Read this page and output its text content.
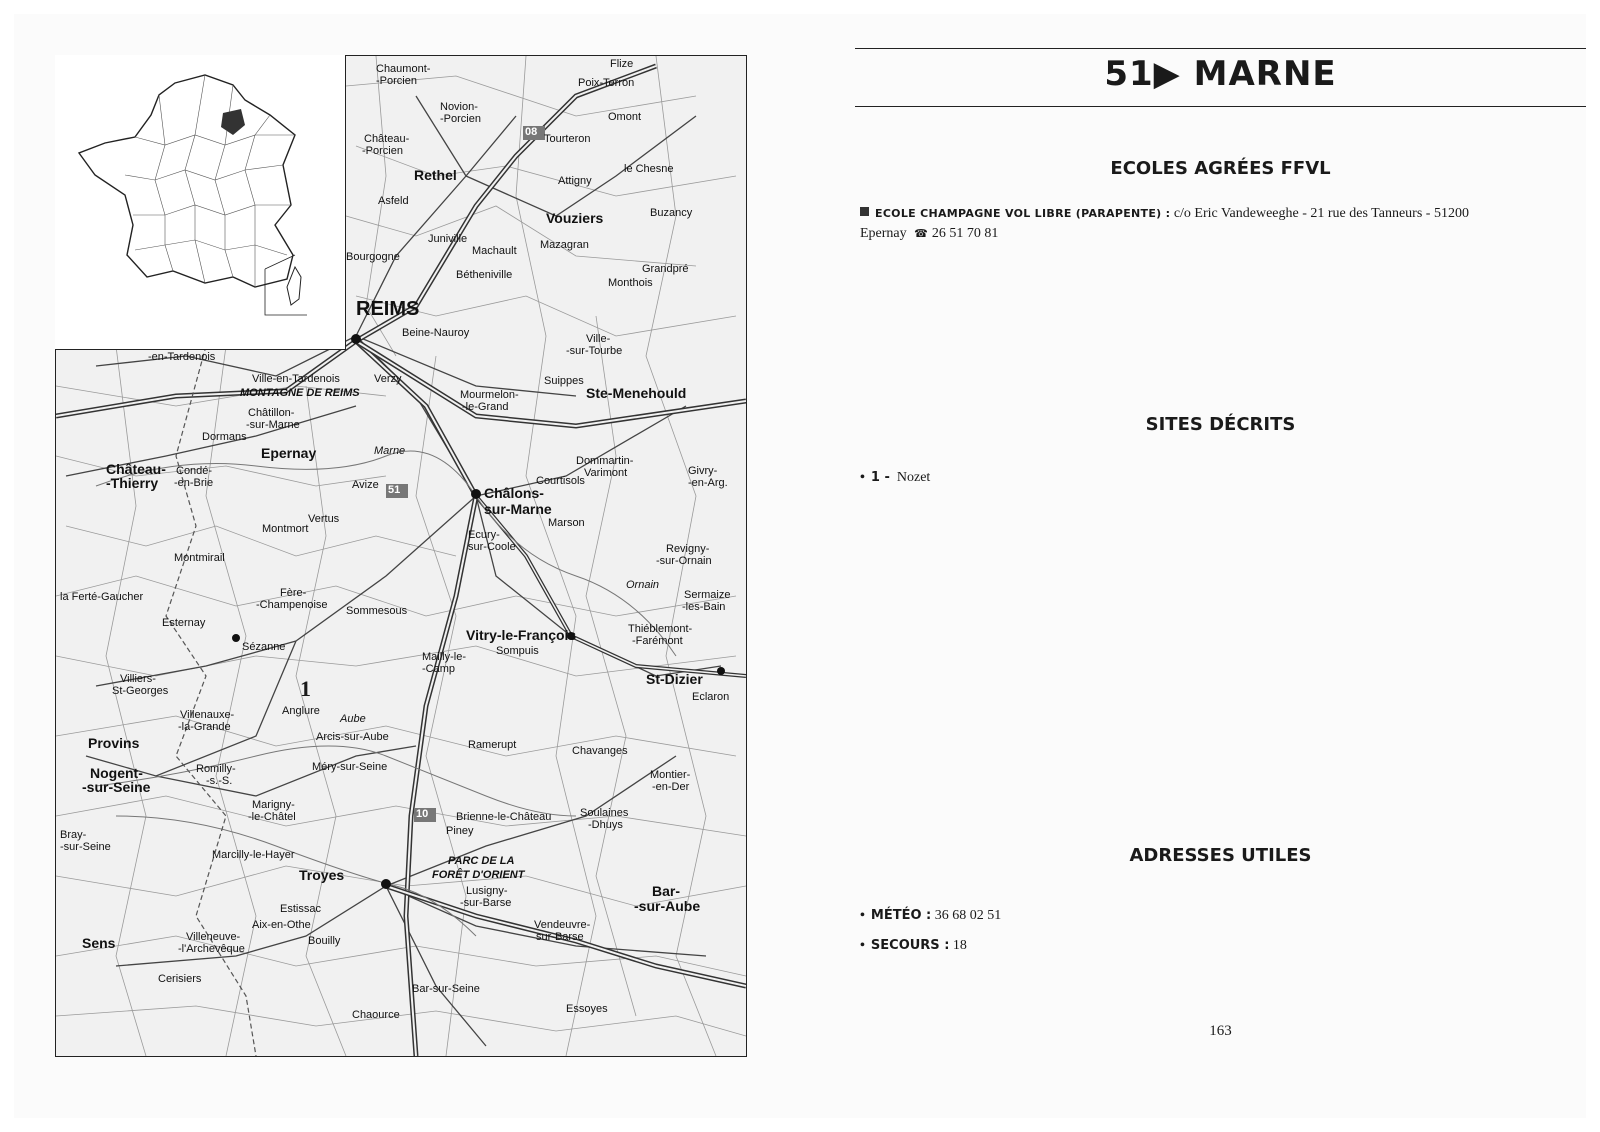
08
51
10
REIMS
Rethel
Vouziers
Epernay
Châlons-
sur-Marne
Ste-Menehould
Vitry-le-François
St-Dizier
Troyes
Provins
Nogent-
-sur-Seine
Sens
Bar-
-sur-Aube
Château-
-Thierry
Sézanne
Montmirail
Mailly-le-
-Camp
Sommesous
Suippes
Asfeld
Juniville
Machault
Attigny
le Chesne
Buzancy
Grandpré
Monthois
Bétheniville
Ville-
-sur-Tourbe
Mourmelon-
-le-Grand
Verzy
Avize
Vertus
Montmort	Ecury-
sur-Coole
Marson
Courtisols
Dommartin-
Varimont	Givry-
-en-Arg.
Revigny-
-sur-Ornain
Thiéblemont-
-Farémont
Sermaize
-les-Bain
Sompuis
Ramerupt	Chavanges
Montier-
-en-Der
Eclaron
Soulaines
-Dhuys
Brienne-le-Château
Piney
Lusigny-
-sur-Barse
Vendeuvre-
sur-Barse
Bar-sur-Seine
Chaource	Essoyes
Arcis-sur-Aube
Anglure
Méry-sur-Seine
Romilly-
-s.-S.
Marigny-
-le-Châtel
Marcilly-le-Hayer
Estissac
Aix-en-Othe
Bouilly
Villeneuve-
-l'Archevêque
Cerisiers
Villenauxe-
-la-Grande
Villiers-
St-Georges
Esternay
Fère-
-Champenoise
la Ferté-Gaucher
Condé-
-en-Brie
Dormans
Châtillon-
-sur-Marne
Ville-en-Tardenois
-en-Tardenois
Château-
-Porcien
Novion-
-Porcien
Chaumont-
-Porcien	Poix-Terron
Tourteron
Omont
Flize
Mazagran
Beine-Nauroy
Bourgogne
Bray-
-sur-Seine
MONTAGNE DE REIMS
PARC DE LA
FORÊT D'ORIENT
Marne
Aube
Ornain
1
51▶ MARNE
ECOLES AGRÉES FFVL
ECOLE CHAMPAGNE VOL LIBRE (PARAPENTE) : c/o Eric Vandeweeghe - 21 rue des Tanneurs - 51200
Epernay ☎ 26 51 70 81
SITES DÉCRITS
• 1 - Nozet
ADRESSES UTILES
• MÉTÉO : 36 68 02 51
• SECOURS : 18
163
